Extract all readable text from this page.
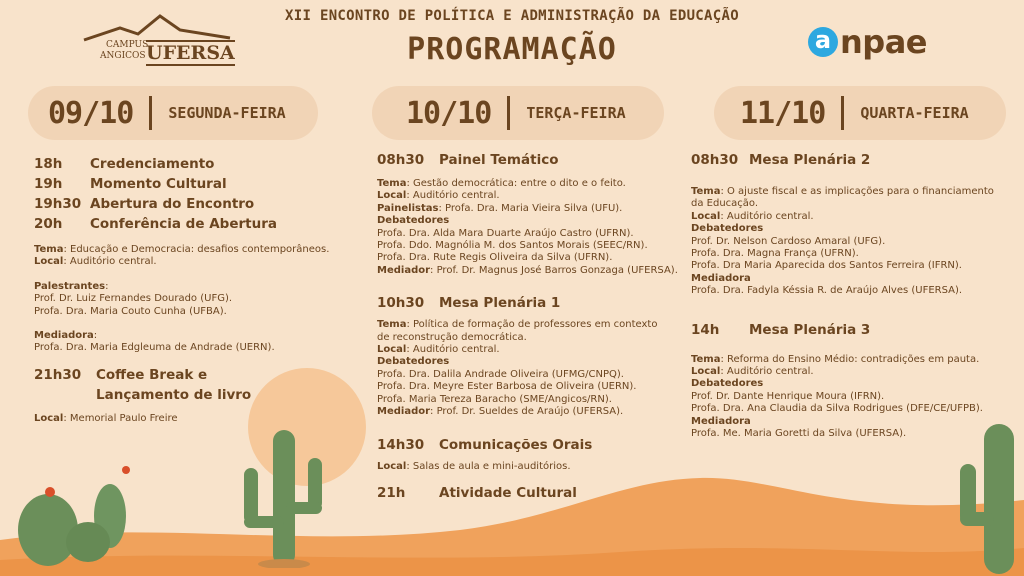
CAMPUS
ANGICOS UFERSA
XII ENCONTRO DE POLÍTICA E ADMINISTRAÇÃO DA EDUCAÇÃO
PROGRAMAÇÃO	a npae
09/10 SEGUNDA-FEIRA	10/10 TERÇA-FEIRA	11/10 QUARTA-FEIRA
18h	Credenciamento
19h	Momento Cultural
19h30 Abertura do Encontro
20h	Conferência de Abertura
Tema: Educação e Democracia: desafios contemporâneos.
Local: Auditório central.
Palestrantes:
Prof. Dr. Luiz Fernandes Dourado (UFG).
Profa. Dra. Maria Couto Cunha (UFBA).
Mediadora:
Profa. Dra. Maria Edgleuma de Andrade (UERN).
21h30	Coffee Break e
Lançamento de livro
Local: Memorial Paulo Freire
08h30	Painel Temático
Tema: Gestão democrática: entre o dito e o feito.
Local: Auditório central.
Painelistas: Profa. Dra. Maria Vieira Silva (UFU).
Debatedores
Profa. Dra. Alda Mara Duarte Araújo Castro (UFRN).
Profa. Ddo. Magnólia M. dos Santos Morais (SEEC/RN).
Profa. Dra. Rute Regis Oliveira da Silva (UFRN).
Mediador: Prof. Dr. Magnus José Barros Gonzaga (UFERSA).
10h30	Mesa Plenária 1
Tema: Política de formação de professores em contexto
de reconstrução democrática.
Local: Auditório central.
Debatedores
Profa. Dra. Dalila Andrade Oliveira (UFMG/CNPQ).
Profa. Dra. Meyre Ester Barbosa de Oliveira (UERN).
Profa. Maria Tereza Baracho (SME/Angicos/RN).
Mediador: Prof. Dr. Sueldes de Araújo (UFERSA).
14h30	Comunicações Orais
Local: Salas de aula e mini-auditórios.
21h	Atividade Cultural
08h30 Mesa Plenária 2
Tema: O ajuste fiscal e as implicações para o financiamento
da Educação.
Local: Auditório central.
Debatedores
Prof. Dr. Nelson Cardoso Amaral (UFG).
Profa. Dra. Magna França (UFRN).
Profa. Dra Maria Aparecida dos Santos Ferreira (IFRN).
Mediadora
Profa. Dra. Fadyla Késsia R. de Araújo Alves (UFERSA).
14h	Mesa Plenária 3
Tema: Reforma do Ensino Médio: contradições em pauta.
Local: Auditório central.
Debatedores
Prof. Dr. Dante Henrique Moura (IFRN).
Profa. Dra. Ana Claudia da Silva Rodrigues (DFE/CE/UFPB).
Mediadora
Profa. Me. Maria Goretti da Silva (UFERSA).
